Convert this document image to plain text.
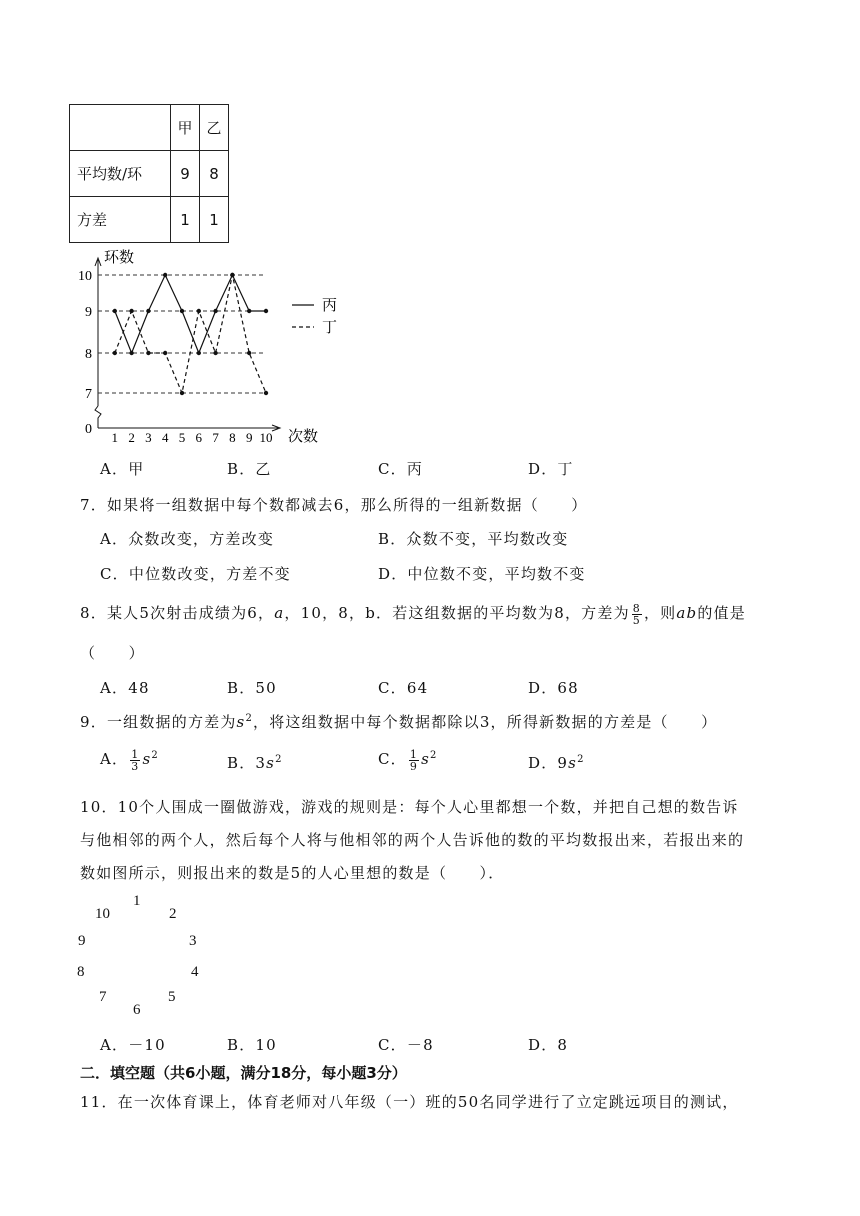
	甲	乙
平均数/环	9	8
方差	1	1
环数
次数
0
7
8
9
10
1 2 3 4 5 6 7 8 9 10
丙
丁
A．甲	B．乙	C．丙	D．丁
7．如果将一组数据中每个数都减去6，那么所得的一组新数据（　　）
A．众数改变，方差改变	B．众数不变，平均数改变
C．中位数改变，方差不变	D．中位数不变，平均数不变
8．某人5次射击成绩为6，a，10，8，b．若这组数据的平均数为8，方差为 $\frac{8}{5}$ ，则ab的值是
（　　）
A．48	B．50	C．64	D．68
9．一组数据的方差为$s^2$，将这组数据中每个数据都除以3，所得新数据的方差是（　　）
A． $\frac{1}{3} s^2$	B．$3s^2$	C． $\frac{1}{9} s^2$	D．$9s^2$
10．10个人围成一圈做游戏，游戏的规则是：每个人心里都想一个数，并把自己想的数告诉
与他相邻的两个人，然后每个人将与他相邻的两个人告诉他的数的平均数报出来，若报出来的
数如图所示，则报出来的数是5的人心里想的数是（　　）．
1
2
3
4
5
6
7
8
9
10
A．－10	B．10	C．－8	D．8
二．填空题（共6小题，满分18分，每小题3分）
11．在一次体育课上，体育老师对八年级（一）班的50名同学进行了立定跳远项目的测试，
